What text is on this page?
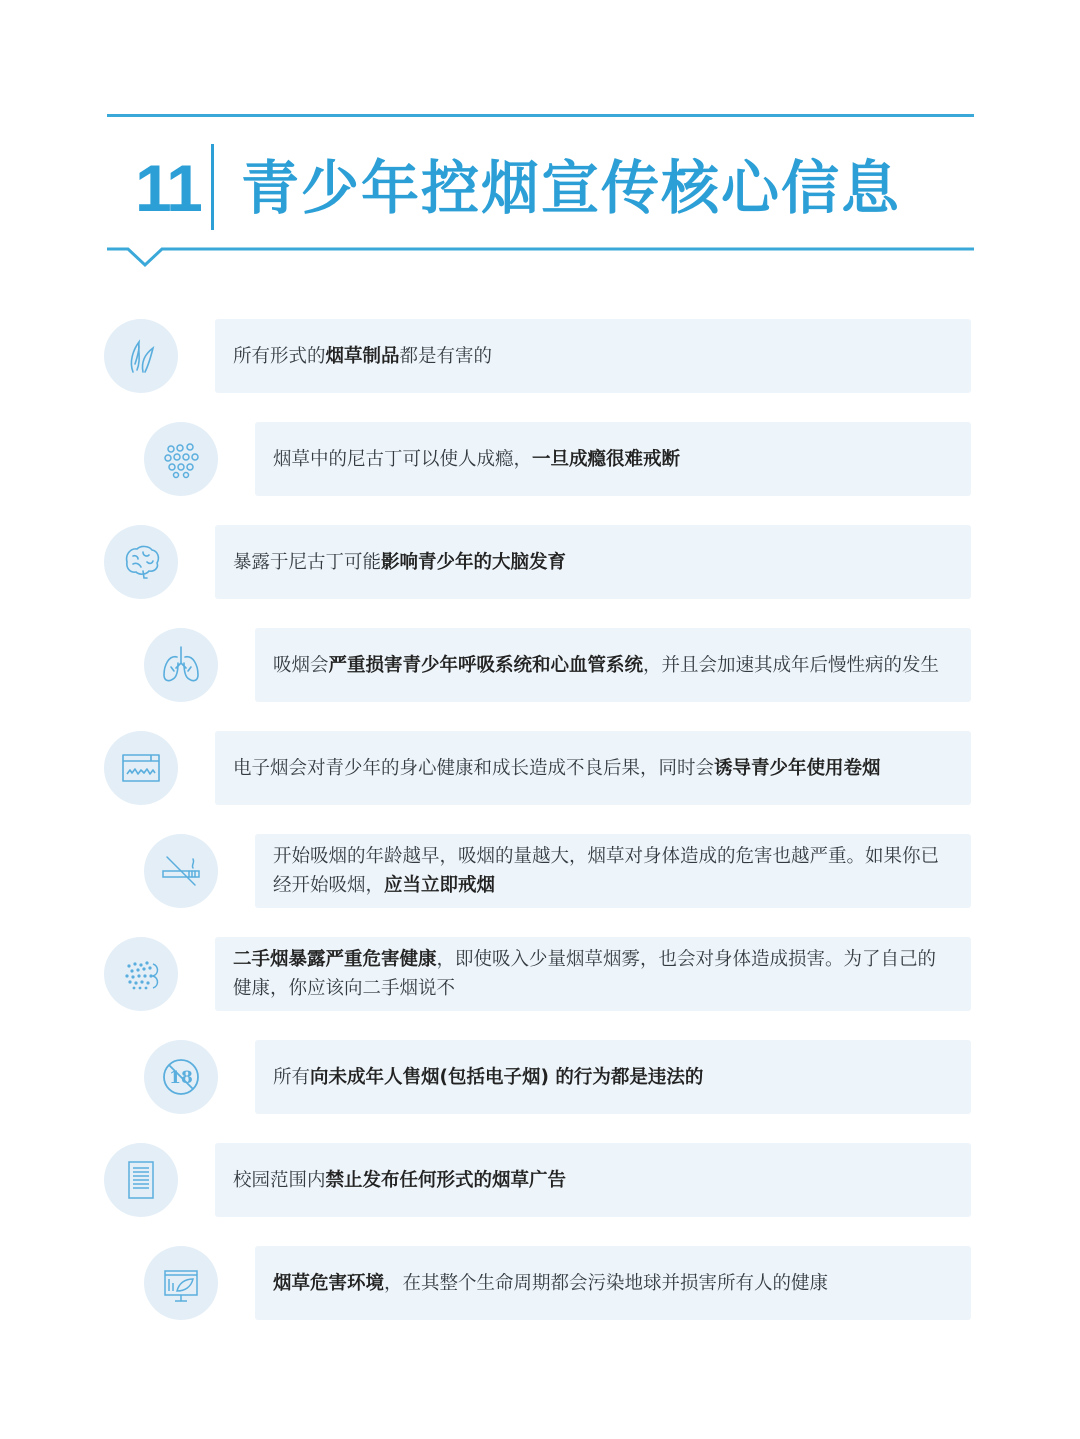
11 青少年控烟宣传核心信息

所有形式的烟草制品都是有害的

烟草中的尼古丁可以使人成瘾，一旦成瘾很难戒断

暴露于尼古丁可能影响青少年的大脑发育

吸烟会严重损害青少年呼吸系统和心血管系统，并且会加速其成年后慢性病的发生

电子烟会对青少年的身心健康和成长造成不良后果，同时会诱导青少年使用卷烟

开始吸烟的年龄越早，吸烟的量越大，烟草对身体造成的危害也越严重。如果你已经开始吸烟，应当立即戒烟

二手烟暴露严重危害健康，即使吸入少量烟草烟雾，也会对身体造成损害。为了自己的健康，你应该向二手烟说不

18	所有向未成年人售烟(包括电子烟) 的行为都是违法的

校园范围内禁止发布任何形式的烟草广告

烟草危害环境，在其整个生命周期都会污染地球并损害所有人的健康
